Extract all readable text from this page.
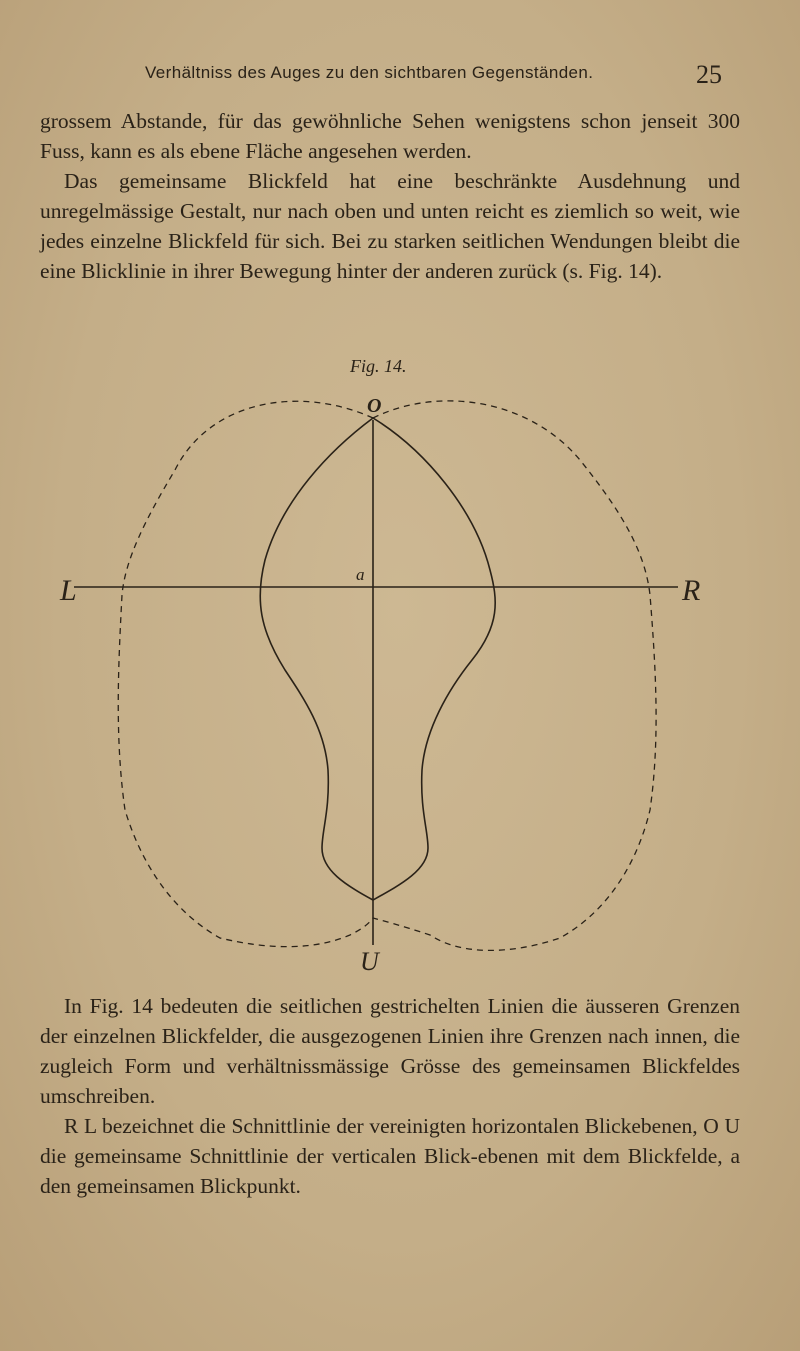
Verhältniss des Auges zu den sichtbaren Gegenständen.	25

grossem Abstande, für das gewöhnliche Sehen wenigstens schon jenseit 300 Fuss, kann es als ebene Fläche angesehen werden.

Das gemeinsame Blickfeld hat eine beschränkte Ausdehnung und unregelmässige Gestalt, nur nach oben und unten reicht es ziemlich so weit, wie jedes einzelne Blickfeld für sich. Bei zu starken seitlichen Wendungen bleibt die eine Blicklinie in ihrer Bewegung hinter der anderen zurück (s. Fig. 14).

Fig. 14.
O
U
L	R
a

In Fig. 14 bedeuten die seitlichen gestrichelten Linien die äusseren Grenzen der einzelnen Blickfelder, die ausgezogenen Linien ihre Grenzen nach innen, die zugleich Form und verhältnissmässige Grösse des gemeinsamen Blickfeldes umschreiben.

R L bezeichnet die Schnittlinie der vereinigten horizontalen Blickebenen, O U die gemeinsame Schnittlinie der verticalen Blick-ebenen mit dem Blickfelde, a den gemeinsamen Blickpunkt.
